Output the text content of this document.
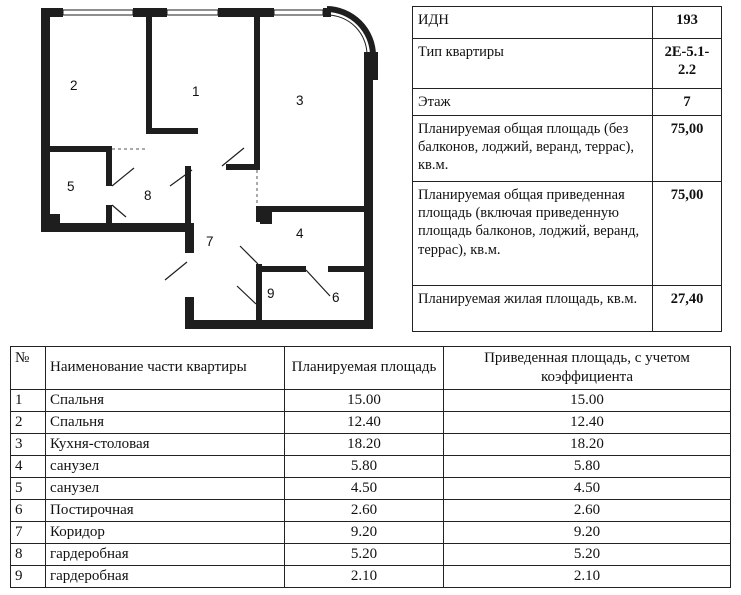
1
2
3
4
5
6
7
8
9
ИДН	193
Тип квартиры	2Е-5.1-2.2
Этаж	7
Планируемая общая площадь (без балконов, лоджий, веранд, террас), кв.м.	75,00
Планируемая общая приведенная площадь (включая приведенную площадь балконов, лоджий, веранд, террас), кв.м.	75,00
Планируемая жилая площадь, кв.м.	27,40
№	Наименование части квартиры	Планируемая площадь	Приведенная площадь, с учетом коэффициента
1	Спальня	15.00	15.00
2	Спальня	12.40	12.40
3	Кухня-столовая	18.20	18.20
4	санузел	5.80	5.80
5	санузел	4.50	4.50
6	Постирочная	2.60	2.60
7	Коридор	9.20	9.20
8	гардеробная	5.20	5.20
9	гардеробная	2.10	2.10
